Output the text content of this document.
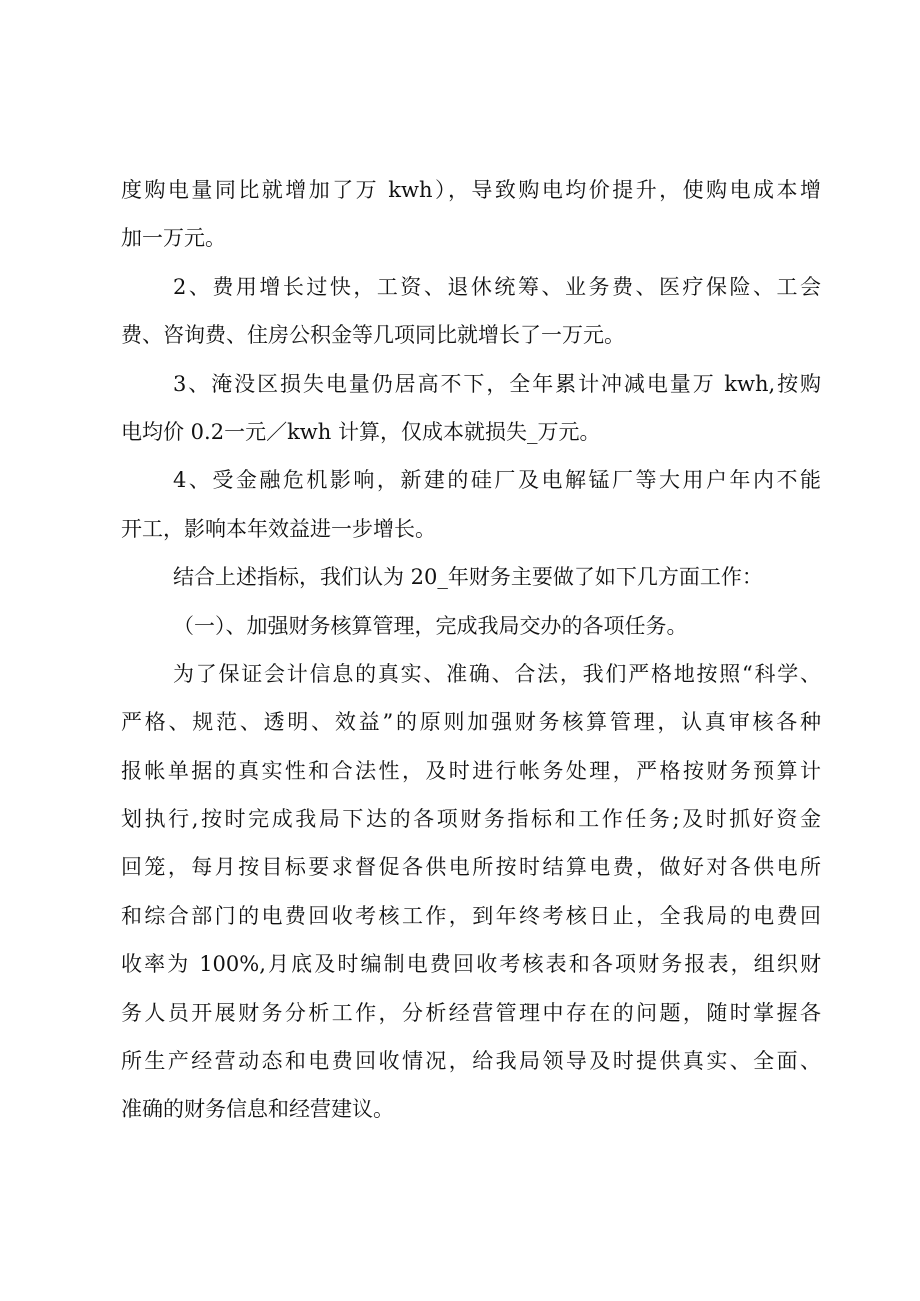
度购电量同比就增加了万 kwh），导致购电均价提升，使购电成本增
加一万元。
2、费用增长过快，工资、退休统筹、业务费、医疗保险、工会
费、咨询费、住房公积金等几项同比就增长了一万元。
3、淹没区损失电量仍居高不下，全年累计冲减电量万 kwh,按购
电均价 0.2一元／kwh 计算，仅成本就损失_万元。
4、受金融危机影响，新建的硅厂及电解锰厂等大用户年内不能
开工，影响本年效益进一步增长。
结合上述指标，我们认为 20_年财务主要做了如下几方面工作：
（一）、加强财务核算管理，完成我局交办的各项任务。
为了保证会计信息的真实、准确、合法，我们严格地按照“科学、
严格、规范、透明、效益”的原则加强财务核算管理，认真审核各种
报帐单据的真实性和合法性，及时进行帐务处理，严格按财务预算计
划执行,按时完成我局下达的各项财务指标和工作任务;及时抓好资金
回笼，每月按目标要求督促各供电所按时结算电费，做好对各供电所
和综合部门的电费回收考核工作，到年终考核日止，全我局的电费回
收率为 100%,月底及时编制电费回收考核表和各项财务报表，组织财
务人员开展财务分析工作，分析经营管理中存在的问题，随时掌握各
所生产经营动态和电费回收情况，给我局领导及时提供真实、全面、
准确的财务信息和经营建议。
